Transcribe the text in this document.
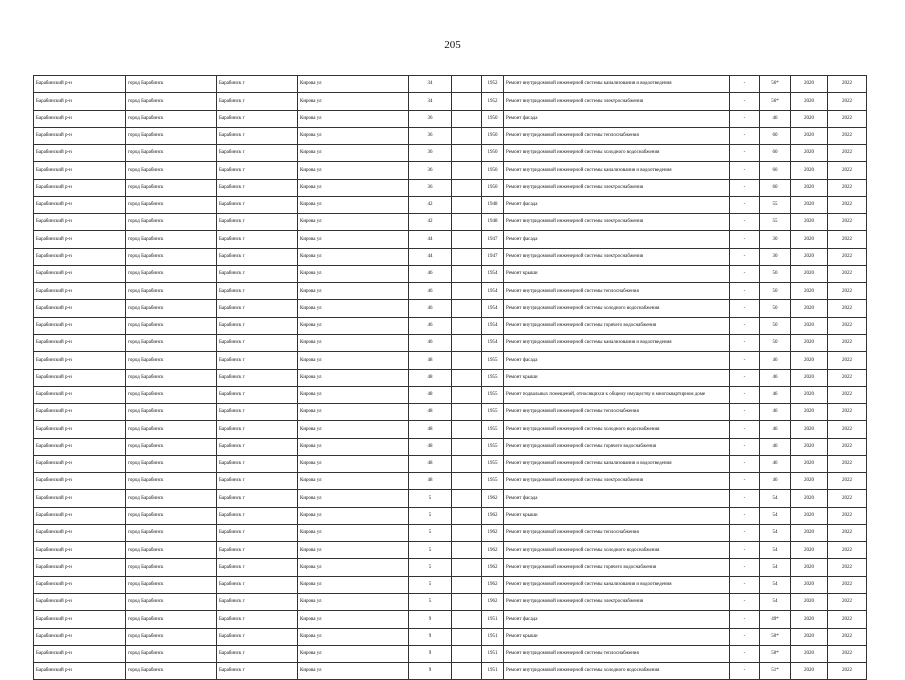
205
Барабинский р-н	город Барабинск	Барабинск г	Кирова ул	34		1952	Ремонт внутридомовой инженерной системы канализования и водоотведения	-	56*	2020	2022
Барабинский р-н	город Барабинск	Барабинск г	Кирова ул	34		1952	Ремонт внутридомовой инженерной системы электроснабжения	-	56*	2020	2022
Барабинский р-н	город Барабинск	Барабинск г	Кирова ул	36		1950	Ремонт фасада	-	46	2020	2022
Барабинский р-н	город Барабинск	Барабинск г	Кирова ул	36		1950	Ремонт внутридомовой инженерной системы теплоснабжения	-	60	2020	2022
Барабинский р-н	город Барабинск	Барабинск г	Кирова ул	36		1950	Ремонт внутридомовой инженерной системы холодного водоснабжения	-	60	2020	2022
Барабинский р-н	город Барабинск	Барабинск г	Кирова ул	36		1950	Ремонт внутридомовой инженерной системы канализования и водоотведения	-	60	2020	2022
Барабинский р-н	город Барабинск	Барабинск г	Кирова ул	36		1950	Ремонт внутридомовой инженерной системы электроснабжения	-	60	2020	2022
Барабинский р-н	город Барабинск	Барабинск г	Кирова ул	42		1948	Ремонт фасада	-	55	2020	2022
Барабинский р-н	город Барабинск	Барабинск г	Кирова ул	42		1948	Ремонт внутридомовой инженерной системы электроснабжения	-	55	2020	2022
Барабинский р-н	город Барабинск	Барабинск г	Кирова ул	44		1947	Ремонт фасада	-	30	2020	2022
Барабинский р-н	город Барабинск	Барабинск г	Кирова ул	44		1947	Ремонт внутридомовой инженерной системы электроснабжения	-	30	2020	2022
Барабинский р-н	город Барабинск	Барабинск г	Кирова ул	46		1954	Ремонт крыши	-	50	2020	2022
Барабинский р-н	город Барабинск	Барабинск г	Кирова ул	46		1954	Ремонт внутридомовой инженерной системы теплоснабжения	-	50	2020	2022
Барабинский р-н	город Барабинск	Барабинск г	Кирова ул	46		1954	Ремонт внутридомовой инженерной системы холодного водоснабжения	-	50	2020	2022
Барабинский р-н	город Барабинск	Барабинск г	Кирова ул	46		1954	Ремонт внутридомовой инженерной системы горячего водоснабжения	-	50	2020	2022
Барабинский р-н	город Барабинск	Барабинск г	Кирова ул	46		1954	Ремонт внутридомовой инженерной системы канализования и водоотведения	-	50	2020	2022
Барабинский р-н	город Барабинск	Барабинск г	Кирова ул	48		1955	Ремонт фасада	-	46	2020	2022
Барабинский р-н	город Барабинск	Барабинск г	Кирова ул	48		1955	Ремонт крыши	-	46	2020	2022
Барабинский р-н	город Барабинск	Барабинск г	Кирова ул	48		1955	Ремонт подвальных помещений, относящихся к общему имуществу в многоквартирном доме	-	46	2020	2022
Барабинский р-н	город Барабинск	Барабинск г	Кирова ул	48		1955	Ремонт внутридомовой инженерной системы теплоснабжения	-	46	2020	2022
Барабинский р-н	город Барабинск	Барабинск г	Кирова ул	48		1955	Ремонт внутридомовой инженерной системы холодного водоснабжения	-	46	2020	2022
Барабинский р-н	город Барабинск	Барабинск г	Кирова ул	48		1955	Ремонт внутридомовой инженерной системы горячего водоснабжения	-	46	2020	2022
Барабинский р-н	город Барабинск	Барабинск г	Кирова ул	48		1955	Ремонт внутридомовой инженерной системы канализования и водоотведения	-	46	2020	2022
Барабинский р-н	город Барабинск	Барабинск г	Кирова ул	48		1955	Ремонт внутридомовой инженерной системы электроснабжения	-	46	2020	2022
Барабинский р-н	город Барабинск	Барабинск г	Кирова ул	5		1962	Ремонт фасада	-	54	2020	2022
Барабинский р-н	город Барабинск	Барабинск г	Кирова ул	5		1962	Ремонт крыши	-	54	2020	2022
Барабинский р-н	город Барабинск	Барабинск г	Кирова ул	5		1962	Ремонт внутридомовой инженерной системы теплоснабжения	-	54	2020	2022
Барабинский р-н	город Барабинск	Барабинск г	Кирова ул	5		1962	Ремонт внутридомовой инженерной системы холодного водоснабжения	-	54	2020	2022
Барабинский р-н	город Барабинск	Барабинск г	Кирова ул	5		1962	Ремонт внутридомовой инженерной системы горячего водоснабжения	-	54	2020	2022
Барабинский р-н	город Барабинск	Барабинск г	Кирова ул	5		1962	Ремонт внутридомовой инженерной системы канализования и водоотведения	-	54	2020	2022
Барабинский р-н	город Барабинск	Барабинск г	Кирова ул	5		1962	Ремонт внутридомовой инженерной системы электроснабжения	-	54	2020	2022
Барабинский р-н	город Барабинск	Барабинск г	Кирова ул	9		1951	Ремонт фасада	-	49*	2020	2022
Барабинский р-н	город Барабинск	Барабинск г	Кирова ул	9		1951	Ремонт крыши	-	50*	2020	2022
Барабинский р-н	город Барабинск	Барабинск г	Кирова ул	9		1951	Ремонт внутридомовой инженерной системы теплоснабжения	-	50*	2020	2022
Барабинский р-н	город Барабинск	Барабинск г	Кирова ул	9		1951	Ремонт внутридомовой инженерной системы холодного водоснабжения	-	51*	2020	2022
